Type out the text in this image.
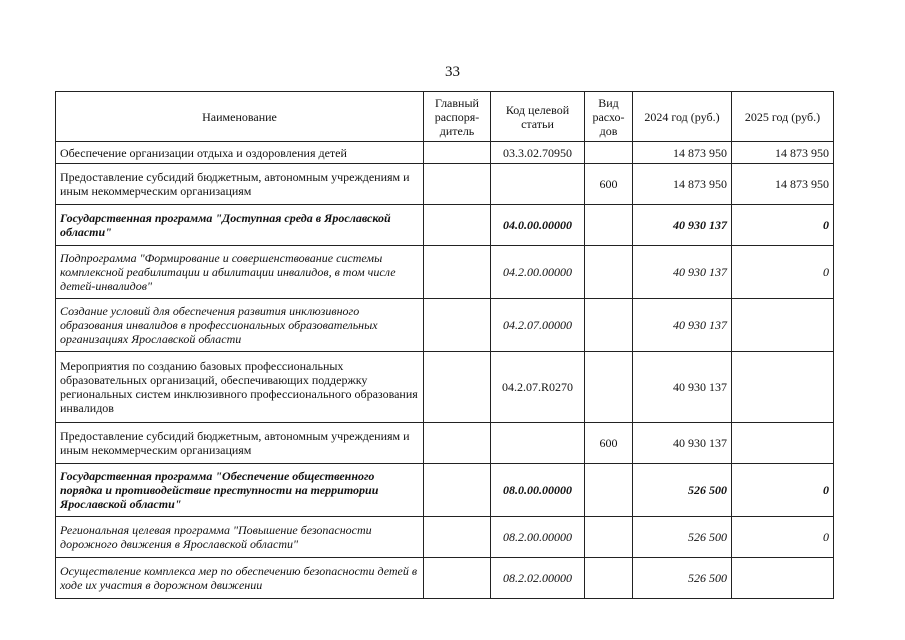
33
Наименование	Главный распоря-дитель	Код целевой статьи	Вид расхо-дов	2024 год (руб.)	2025 год (руб.)
Обеспечение организации отдыха и оздоровления детей		03.3.02.70950		14 873 950	14 873 950
Предоставление субсидий бюджетным, автономным учреждениям и иным некоммерческим организациям			600	14 873 950	14 873 950
Государственная программа "Доступная среда в Ярославской области"		04.0.00.00000		40 930 137	0
Подпрограмма "Формирование и совершенствование системы комплексной реабилитации и абилитации инвалидов, в том числе детей-инвалидов"		04.2.00.00000		40 930 137	0
Создание условий для обеспечения развития инклюзивного образования инвалидов в профессиональных образовательных организациях Ярославской области		04.2.07.00000		40 930 137	
Мероприятия по созданию базовых профессиональных образовательных организаций, обеспечивающих поддержку региональных систем инклюзивного профессионального образования инвалидов		04.2.07.R0270		40 930 137	
Предоставление субсидий бюджетным, автономным учреждениям и иным некоммерческим организациям			600	40 930 137	
Государственная программа "Обеспечение общественного порядка и противодействие преступности на территории Ярославской области"		08.0.00.00000		526 500	0
Региональная целевая программа "Повышение безопасности дорожного движения в Ярославской области"		08.2.00.00000		526 500	0
Осуществление комплекса мер по обеспечению безопасности детей в ходе их участия в дорожном движении		08.2.02.00000		526 500	
